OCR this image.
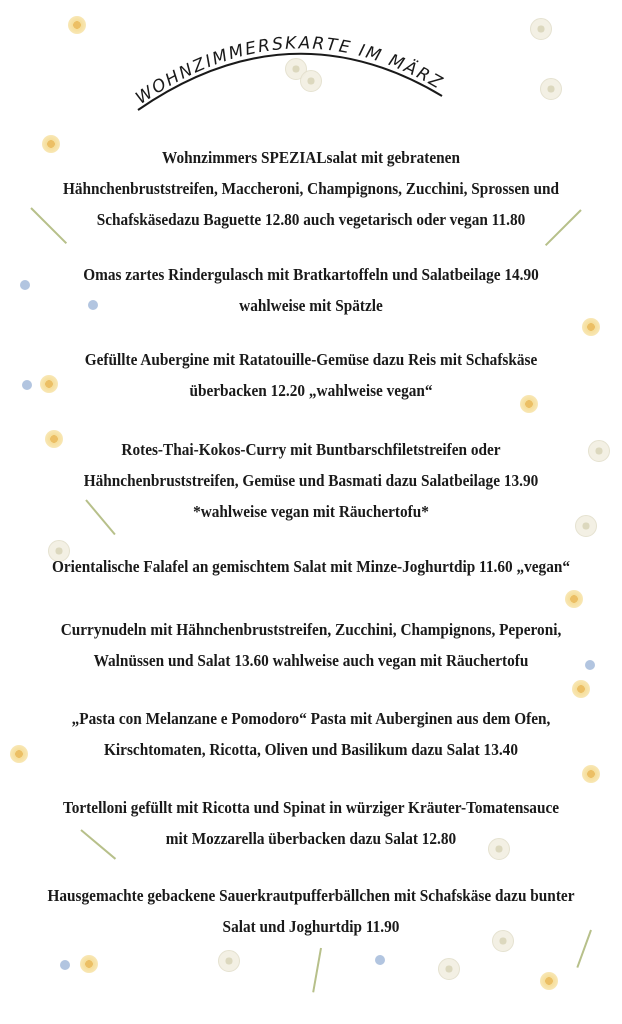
WOHNZIMMERSKARTE IM MÄRZ
Wohnzimmers SPEZIALsalat mit gebratenen
Hähnchenbruststreifen, Maccheroni, Champignons, Zucchini, Sprossen und
Schafskäsedazu Baguette 12.80 auch vegetarisch oder vegan 11.80
Omas zartes Rindergulasch mit Bratkartoffeln und Salatbeilage 14.90
wahlweise mit Spätzle
Gefüllte Aubergine mit Ratatouille-Gemüse dazu Reis mit Schafskäse
überbacken 12.20 „wahlweise vegan“
Rotes-Thai-Kokos-Curry mit Buntbarschfiletstreifen oder
Hähnchenbruststreifen, Gemüse und Basmati dazu Salatbeilage 13.90
*wahlweise vegan mit Räuchertofu*
Orientalische Falafel an gemischtem Salat mit Minze-Joghurtdip 11.60 „vegan“
Currynudeln mit Hähnchenbruststreifen, Zucchini, Champignons, Peperoni,
Walnüssen und Salat 13.60 wahlweise auch vegan mit Räuchertofu
„Pasta con Melanzane e Pomodoro“ Pasta mit Auberginen aus dem Ofen,
Kirschtomaten, Ricotta, Oliven und Basilikum dazu Salat 13.40
Tortelloni gefüllt mit Ricotta und Spinat in würziger Kräuter-Tomatensauce
mit Mozzarella überbacken dazu Salat 12.80
Hausgemachte gebackene Sauerkrautpufferbällchen mit Schafskäse dazu bunter
Salat und Joghurtdip 11.90
